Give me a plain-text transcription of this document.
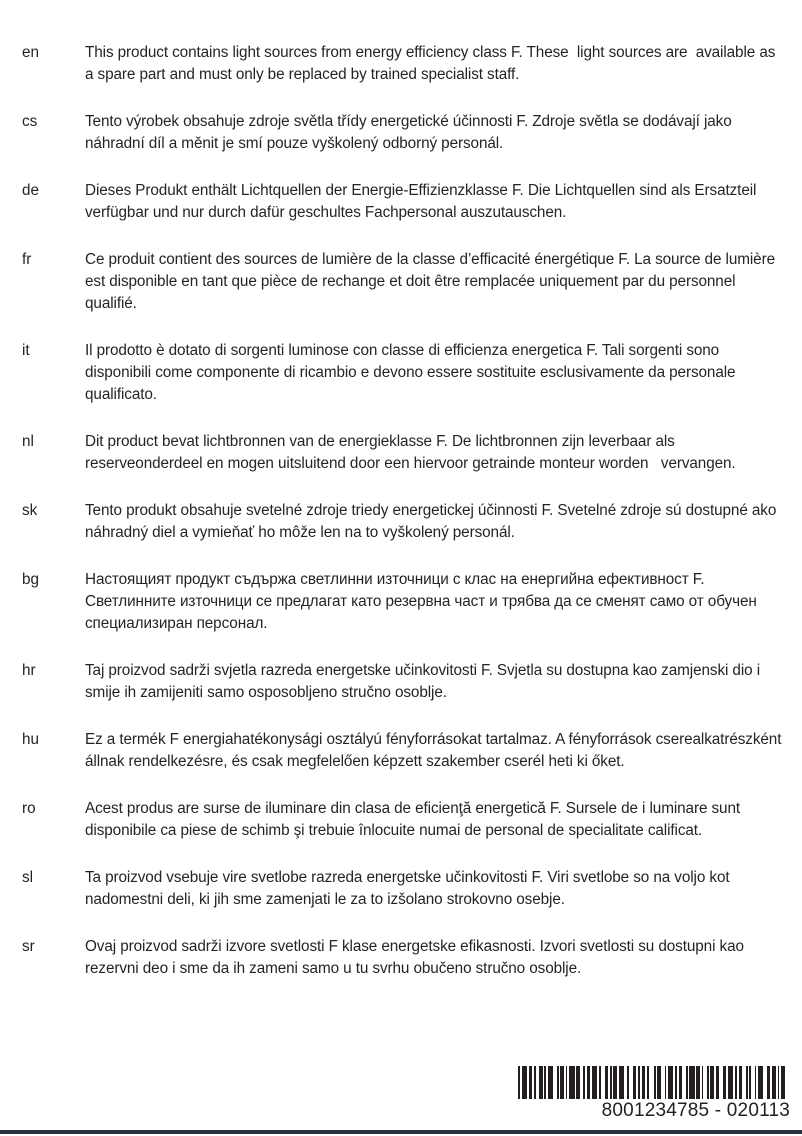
en	This product contains light sources from energy efficiency class F. These  light sources are  available as a spare part and must only be replaced by trained specialist staff.

cs	Tento výrobek obsahuje zdroje světla třídy energetické účinnosti F. Zdroje světla se dodávají jako náhradní díl a měnit je smí pouze vyškolený odborný personál.

de	Dieses Produkt enthält Lichtquellen der Energie-Effizienzklasse F. Die Lichtquellen sind als Ersatzteil verfügbar und nur durch dafür geschultes Fachpersonal auszutauschen.

fr	Ce produit contient des sources de lumière de la classe d’efficacité énergétique F. La source de lumière est disponible en tant que pièce de rechange et doit être remplacée uniquement par du personnel qualifié.

it	Il prodotto è dotato di sorgenti luminose con classe di efficienza energetica F. Tali sorgenti sono disponibili come componente di ricambio e devono essere sostituite esclusivamente da personale qualificato.

nl	Dit product bevat lichtbronnen van de energieklasse F. De lichtbronnen zijn leverbaar als  reserveonderdeel en mogen uitsluitend door een hiervoor getrainde monteur worden   vervangen.

sk	Tento produkt obsahuje svetelné zdroje triedy energetickej účinnosti F. Svetelné zdroje sú dostupné ako náhradný diel a vymieňať ho môže len na to vyškolený personál.

bg	Настоящият продукт съдържа светлинни източници с клас на енергийна ефективност F. Светлинните източници се предлагат като резервна част и трябва да се сменят само от обучен специализиран персонал.

hr	Taj proizvod sadrži svjetla razreda energetske učinkovitosti F. Svjetla su dostupna kao zamjenski dio i smije ih zamijeniti samo osposobljeno stručno osoblje.

hu	Ez a termék F energiahatékonysági osztályú fényforrásokat tartalmaz. A fényforrások cserealkatrészként állnak rendelkezésre, és csak megfelelően képzett szakember cserél heti ki őket.

ro	Acest produs are surse de iluminare din clasa de eficienţă energetică F. Sursele de i luminare sunt disponibile ca piese de schimb şi trebuie înlocuite numai de personal de specialitate calificat.

sl	Ta proizvod vsebuje vire svetlobe razreda energetske učinkovitosti F. Viri svetlobe so na voljo kot nadomestni deli, ki jih sme zamenjati le za to izšolano strokovno osebje.

sr	Ovaj proizvod sadrži izvore svetlosti F klase energetske efikasnosti. Izvori svetlosti su dostupni kao rezervni deo i sme da ih zameni samo u tu svrhu obučeno stručno osoblje.

8001234785 - 020113
